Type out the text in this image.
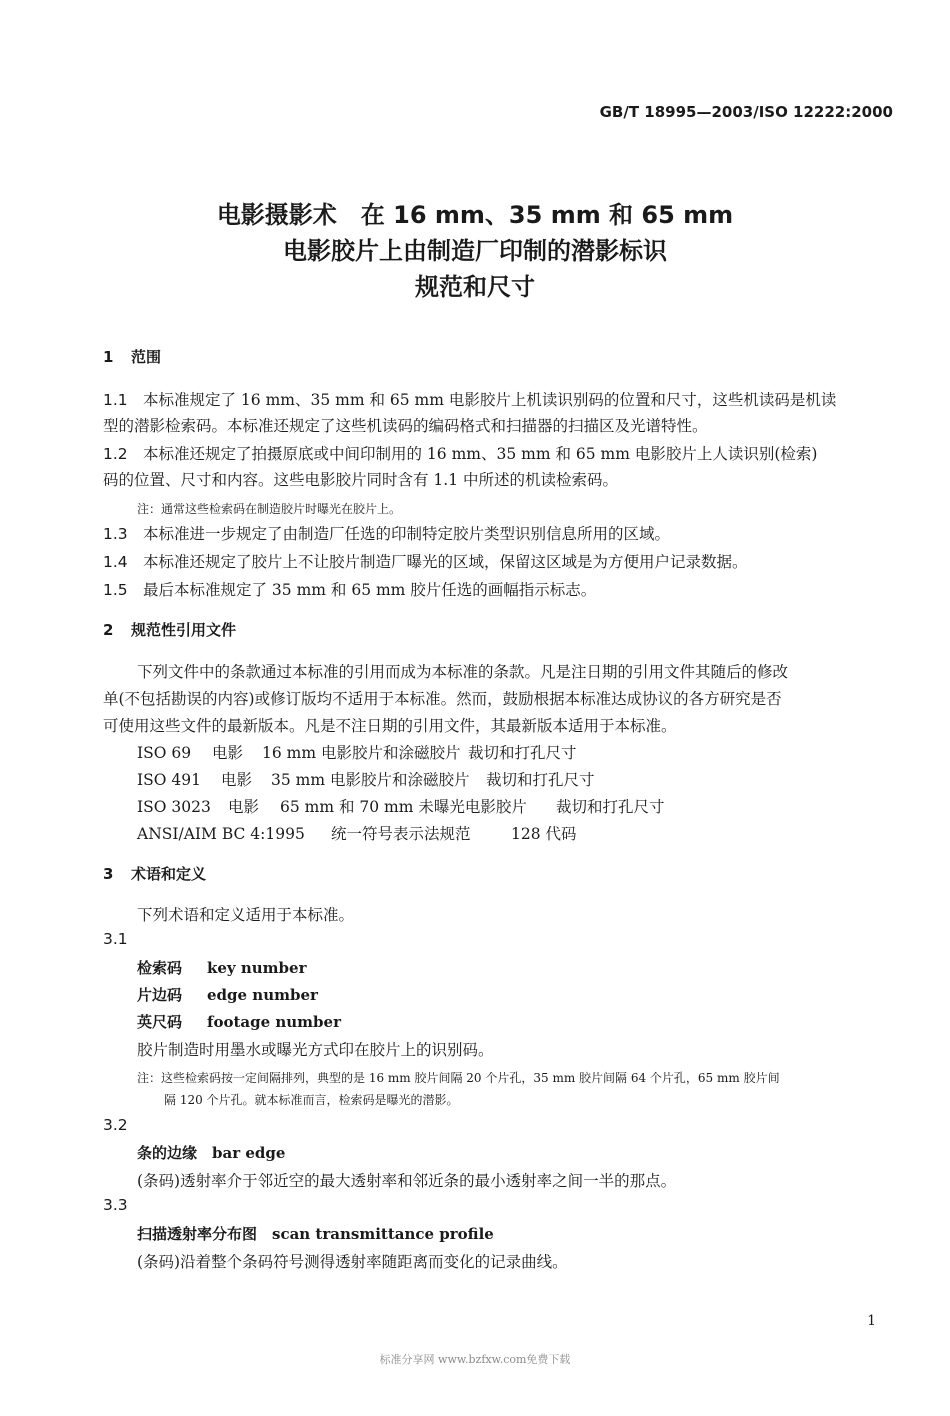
GB/T 18995—2003/ISO 12222:2000
电影摄影术　在 16 mm、35 mm 和 65 mm
电影胶片上由制造厂印制的潜影标识
规范和尺寸
1 范围
1.1 本标准规定了 16 mm、35 mm 和 65 mm 电影胶片上机读识别码的位置和尺寸，这些机读码是机读
型的潜影检索码。本标准还规定了这些机读码的编码格式和扫描器的扫描区及光谱特性。
1.2 本标准还规定了拍摄原底或中间印制用的 16 mm、35 mm 和 65 mm 电影胶片上人读识别(检索)
码的位置、尺寸和内容。这些电影胶片同时含有 1.1 中所述的机读检索码。
注：通常这些检索码在制造胶片时曝光在胶片上。
1.3 本标准进一步规定了由制造厂任选的印制特定胶片类型识别信息所用的区域。
1.4 本标准还规定了胶片上不让胶片制造厂曝光的区域，保留这区域是为方便用户记录数据。
1.5 最后本标准规定了 35 mm 和 65 mm 胶片任选的画幅指示标志。
2 规范性引用文件
下列文件中的条款通过本标准的引用而成为本标准的条款。凡是注日期的引用文件其随后的修改
单(不包括勘误的内容)或修订版均不适用于本标准。然而，鼓励根据本标准达成协议的各方研究是否
可使用这些文件的最新版本。凡是不注日期的引用文件，其最新版本适用于本标准。
ISO 69 电影 16 mm 电影胶片和涂磁胶片 裁切和打孔尺寸
ISO 491 电影 35 mm 电影胶片和涂磁胶片 裁切和打孔尺寸
ISO 3023 电影 65 mm 和 70 mm 未曝光电影胶片 裁切和打孔尺寸
ANSI/AIM BC 4:1995 统一符号表示法规范	128 代码
3 术语和定义
下列术语和定义适用于本标准。
3.1
检索码 key number
片边码 edge number
英尺码 footage number
胶片制造时用墨水或曝光方式印在胶片上的识别码。
注：这些检索码按一定间隔排列，典型的是 16 mm 胶片间隔 20 个片孔，35 mm 胶片间隔 64 个片孔，65 mm 胶片间
隔 120 个片孔。就本标准而言，检索码是曝光的潜影。
3.2
条的边缘　bar edge
(条码)透射率介于邻近空的最大透射率和邻近条的最小透射率之间一半的那点。
3.3
扫描透射率分布图　scan transmittance profile
(条码)沿着整个条码符号测得透射率随距离而变化的记录曲线。
1
标准分享网 www.bzfxw.com免费下载
